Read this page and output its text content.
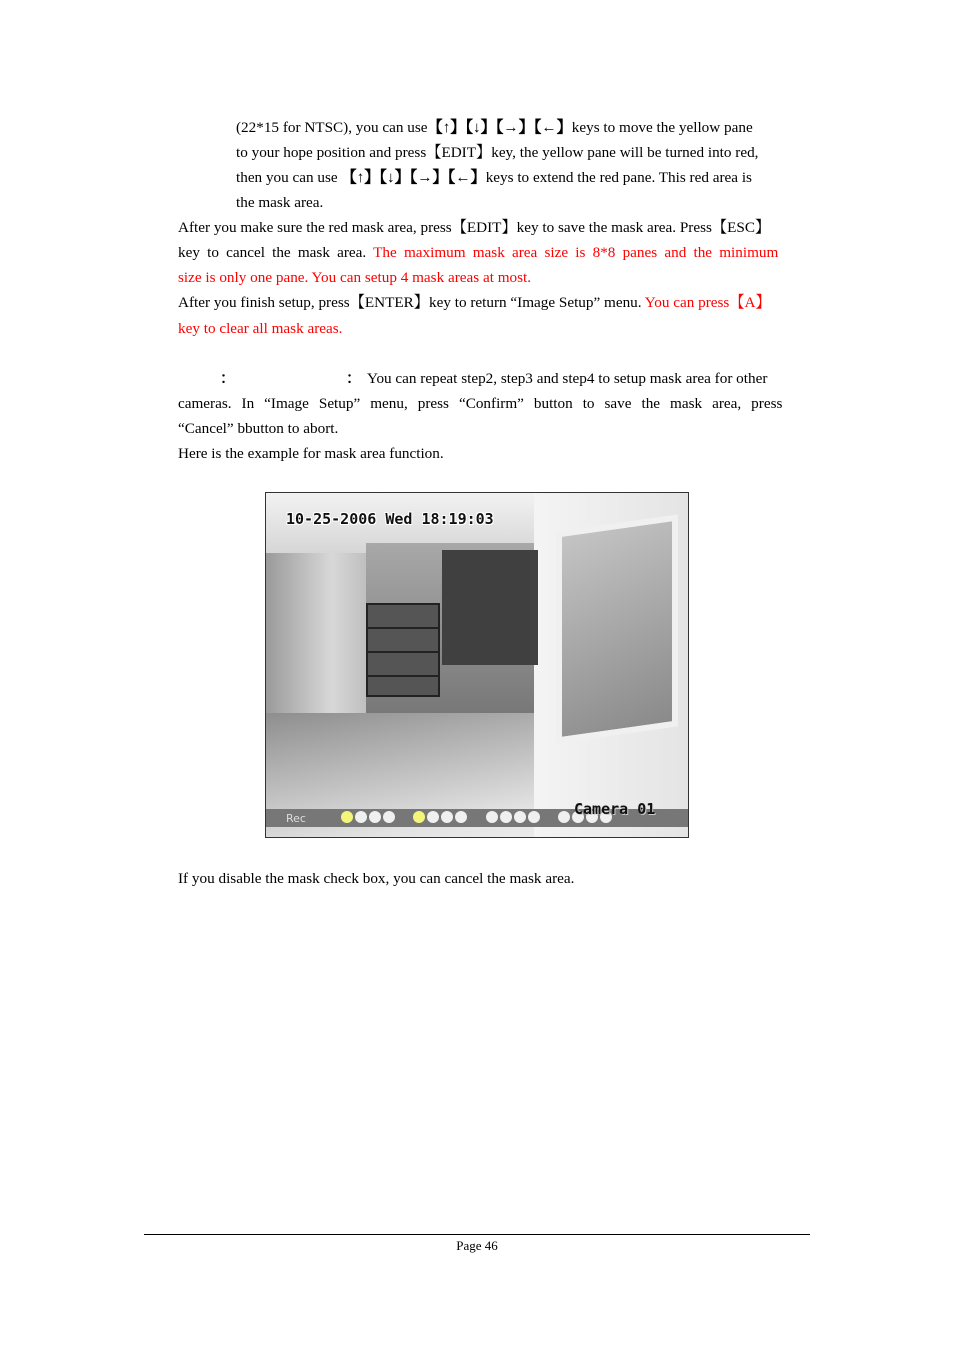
(22*15 for NTSC), you can use【↑】【↓】【→】【←】keys to move the yellow pane
to your hope position and press【EDIT】key, the yellow pane will be turned into red,
then you can use 【↑】【↓】【→】【←】keys to extend the red pane. This red area is
the mask area.
After you make sure the red mask area, press【EDIT】key to save the mask area. Press【ESC】
key to cancel the mask area. The maximum mask area size is 8*8 panes and the minimum
size is only one pane. You can setup 4 mask areas at most.
After you finish setup, press【ENTER】key to return “Image Setup” menu. You can press【A】
key to clear all mask areas.
：	： You can repeat step2, step3 and step4 to setup mask area for other
cameras. In “Image Setup” menu, press “Confirm” button to save the mask area, press
“Cancel” bbutton to abort.
Here is the example for mask area function.
10-25-2006 Wed 18:19:03
Rec
Camera 01
If you disable the mask check box, you can cancel the mask area.
Page 46
